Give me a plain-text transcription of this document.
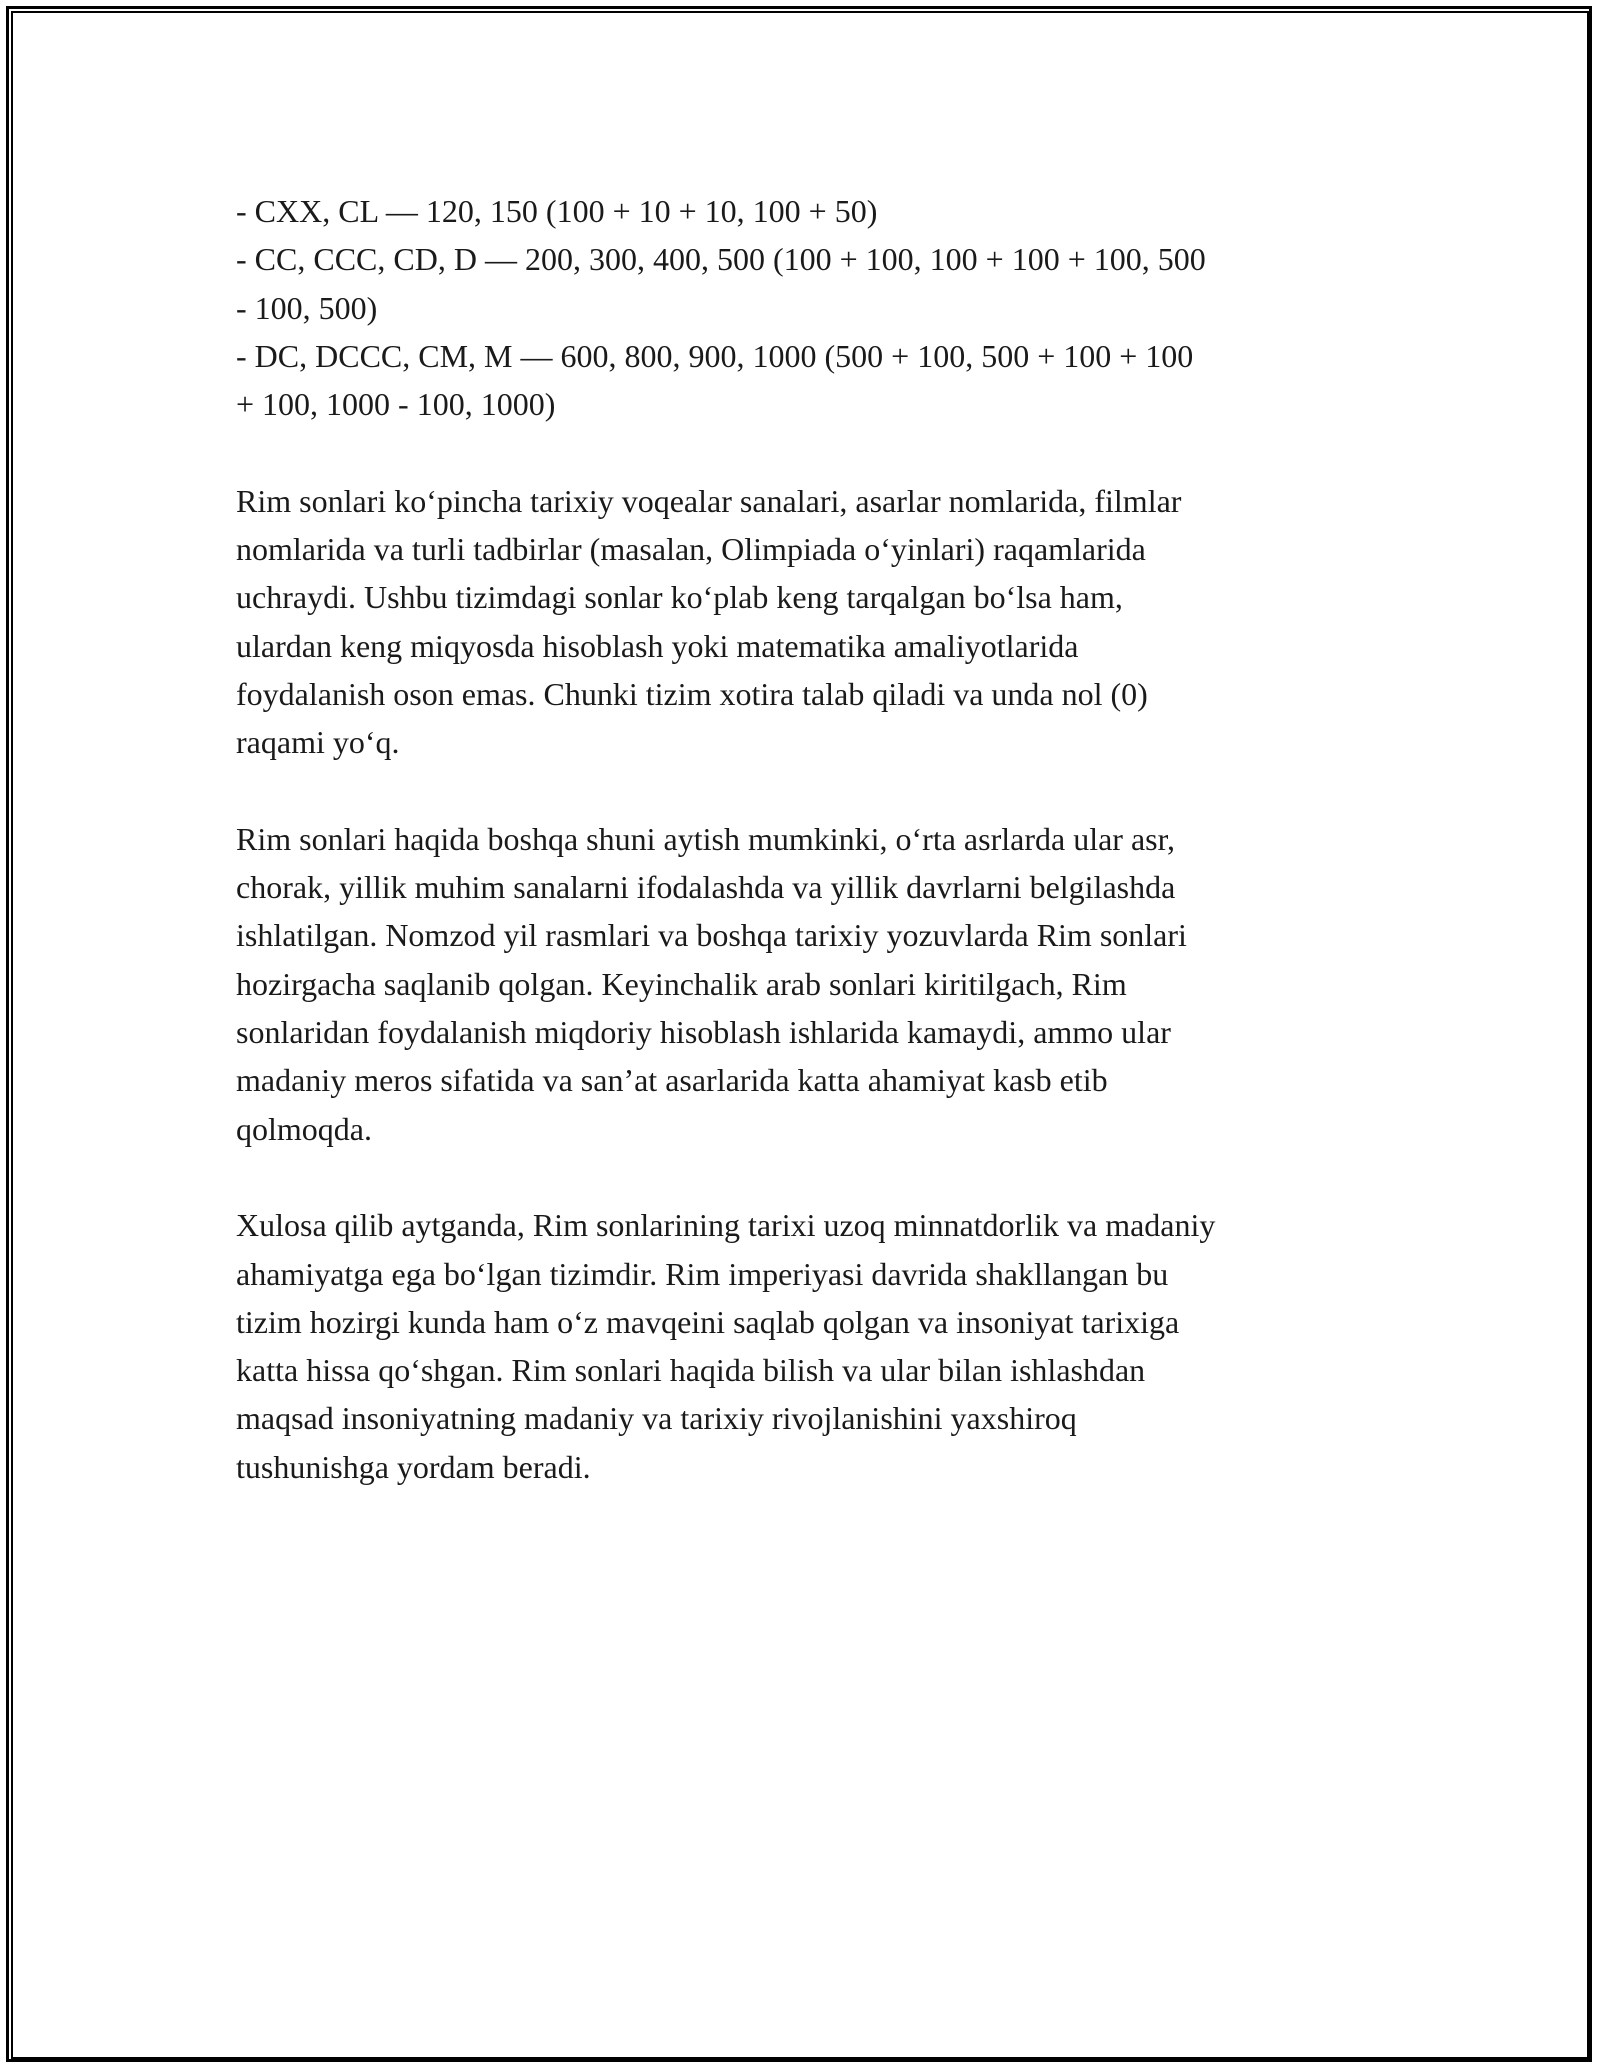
- CXX, CL — 120, 150 (100 + 10 + 10, 100 + 50)

- CC, CCC, CD, D — 200, 300, 400, 500 (100 + 100, 100 + 100 + 100, 500

- 100, 500)

- DC, DCCC, CM, M — 600, 800, 900, 1000 (500 + 100, 500 + 100 + 100

+ 100, 1000 - 100, 1000)

Rim sonlari ko‘pincha tarixiy voqealar sanalari, asarlar nomlarida, filmlar

nomlarida va turli tadbirlar (masalan, Olimpiada o‘yinlari) raqamlarida

uchraydi. Ushbu tizimdagi sonlar ko‘plab keng tarqalgan bo‘lsa ham,

ulardan keng miqyosda hisoblash yoki matematika amaliyotlarida

foydalanish oson emas. Chunki tizim xotira talab qiladi va unda nol (0)

raqami yo‘q.

Rim sonlari haqida boshqa shuni aytish mumkinki, o‘rta asrlarda ular asr,

chorak, yillik muhim sanalarni ifodalashda va yillik davrlarni belgilashda

ishlatilgan. Nomzod yil rasmlari va boshqa tarixiy yozuvlarda Rim sonlari

hozirgacha saqlanib qolgan. Keyinchalik arab sonlari kiritilgach, Rim

sonlaridan foydalanish miqdoriy hisoblash ishlarida kamaydi, ammo ular

madaniy meros sifatida va san’at asarlarida katta ahamiyat kasb etib

qolmoqda.

Xulosa qilib aytganda, Rim sonlarining tarixi uzoq minnatdorlik va madaniy

ahamiyatga ega bo‘lgan tizimdir. Rim imperiyasi davrida shakllangan bu

tizim hozirgi kunda ham o‘z mavqeini saqlab qolgan va insoniyat tarixiga

katta hissa qo‘shgan. Rim sonlari haqida bilish va ular bilan ishlashdan

maqsad insoniyatning madaniy va tarixiy rivojlanishini yaxshiroq

tushunishga yordam beradi.
